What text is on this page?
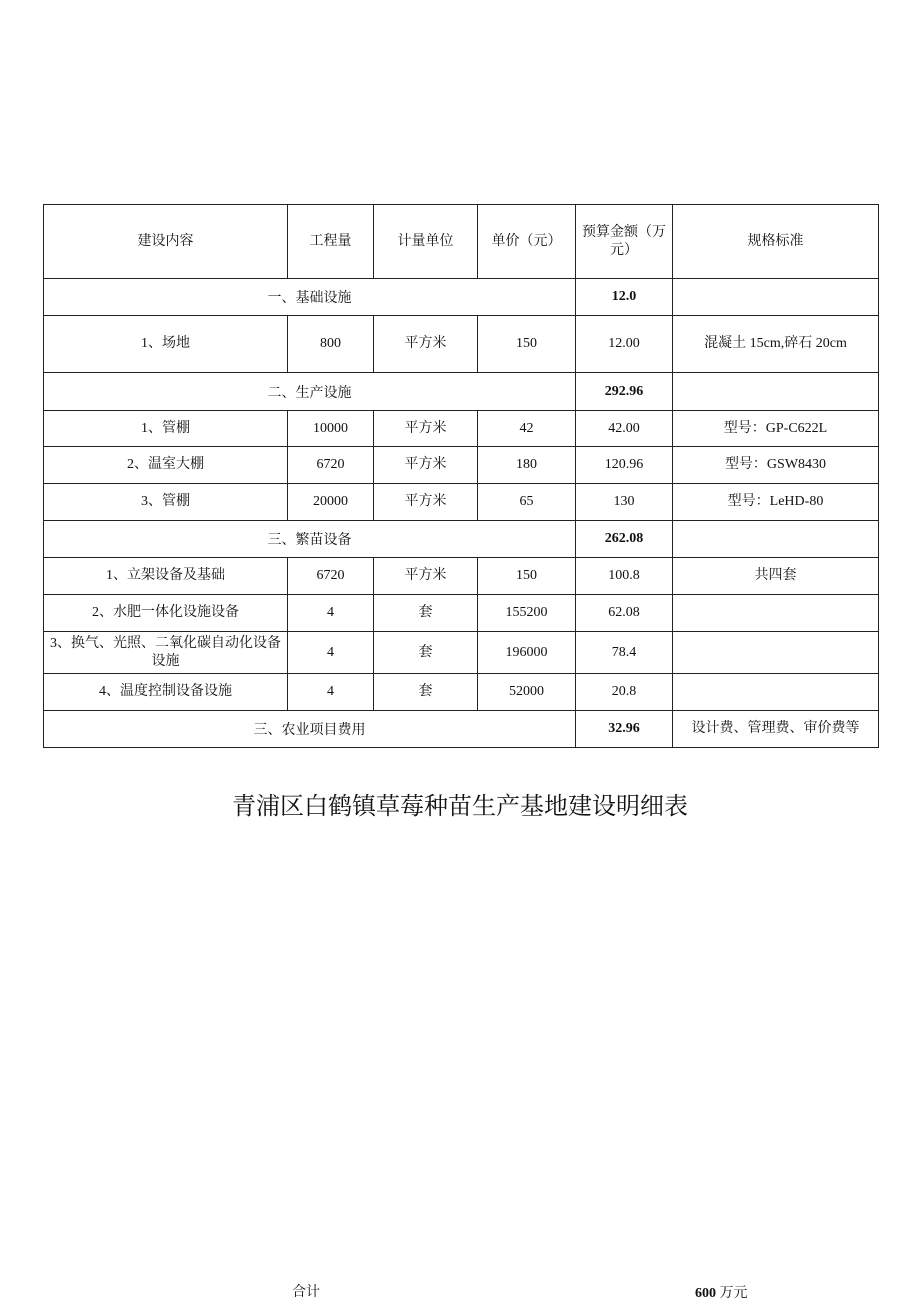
建设内容	工程量	计量单位	单价（元）	预算金额（万元）	规格标准
一、基础设施				12.0	
1、场地	800	平方米	150	12.00	混凝土 15cm,碎石 20cm
二、生产设施				292.96	
1、管棚	10000	平方米	42	42.00	型号：GP-C622L
2、温室大棚	6720	平方米	180	120.96	型号：GSW8430
3、管棚	20000	平方米	65	130	型号：LeHD-80
三、繁苗设备				262.08	
1、立架设备及基础	6720	平方米	150	100.8	共四套
2、水肥一体化设施设备	4	套	155200	62.08	
3、换气、光照、二氧化碳自动化设备设施	4	套	196000	78.4	
4、温度控制设备设施	4	套	52000	20.8	
三、农业项目费用				32.96	设计费、管理费、审价费等
青浦区白鹤镇草莓种苗生产基地建设明细表
合计	600 万元
